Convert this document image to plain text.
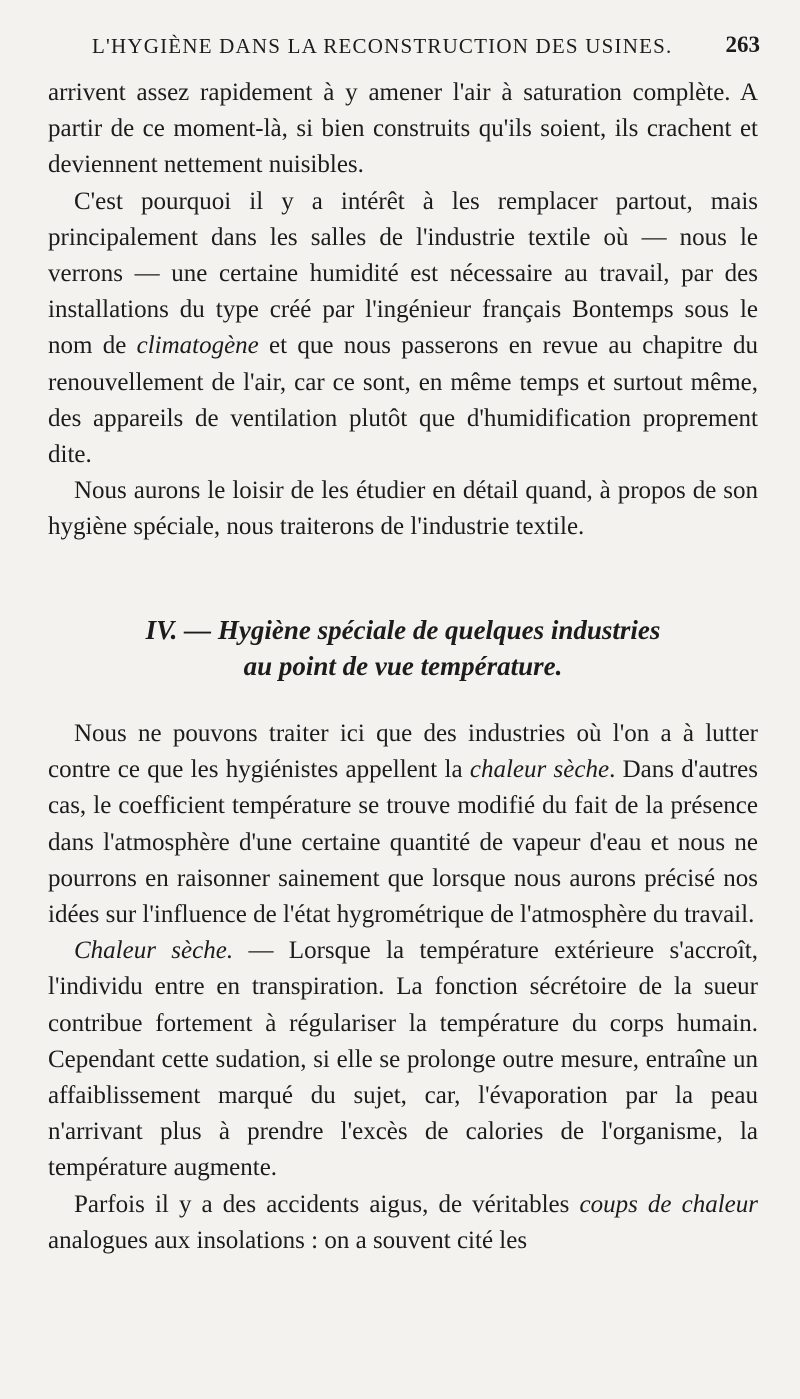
L'HYGIÈNE DANS LA RECONSTRUCTION DES USINES. 263

arrivent assez rapidement à y amener l'air à saturation complète. A partir de ce moment-là, si bien construits qu'ils soient, ils crachent et deviennent nettement nuisibles.

C'est pourquoi il y a intérêt à les remplacer partout, mais principalement dans les salles de l'industrie textile où — nous le verrons — une certaine humidité est nécessaire au travail, par des installations du type créé par l'ingénieur français Bontemps sous le nom de climatogène et que nous passerons en revue au chapitre du renouvellement de l'air, car ce sont, en même temps et surtout même, des appareils de ventilation plutôt que d'humidification proprement dite.

Nous aurons le loisir de les étudier en détail quand, à propos de son hygiène spéciale, nous traiterons de l'industrie textile.

IV. — Hygiène spéciale de quelques industries
au point de vue température.

Nous ne pouvons traiter ici que des industries où l'on a à lutter contre ce que les hygiénistes appellent la chaleur sèche. Dans d'autres cas, le coefficient température se trouve modifié du fait de la présence dans l'atmosphère d'une certaine quantité de vapeur d'eau et nous ne pourrons en raisonner sainement que lorsque nous aurons précisé nos idées sur l'influence de l'état hygrométrique de l'atmosphère du travail.

Chaleur sèche. — Lorsque la température extérieure s'accroît, l'individu entre en transpiration. La fonction sécrétoire de la sueur contribue fortement à régulariser la température du corps humain. Cependant cette sudation, si elle se prolonge outre mesure, entraîne un affaiblissement marqué du sujet, car, l'évaporation par la peau n'arrivant plus à prendre l'excès de calories de l'organisme, la température augmente.

Parfois il y a des accidents aigus, de véritables coups de chaleur analogues aux insolations : on a souvent cité les
